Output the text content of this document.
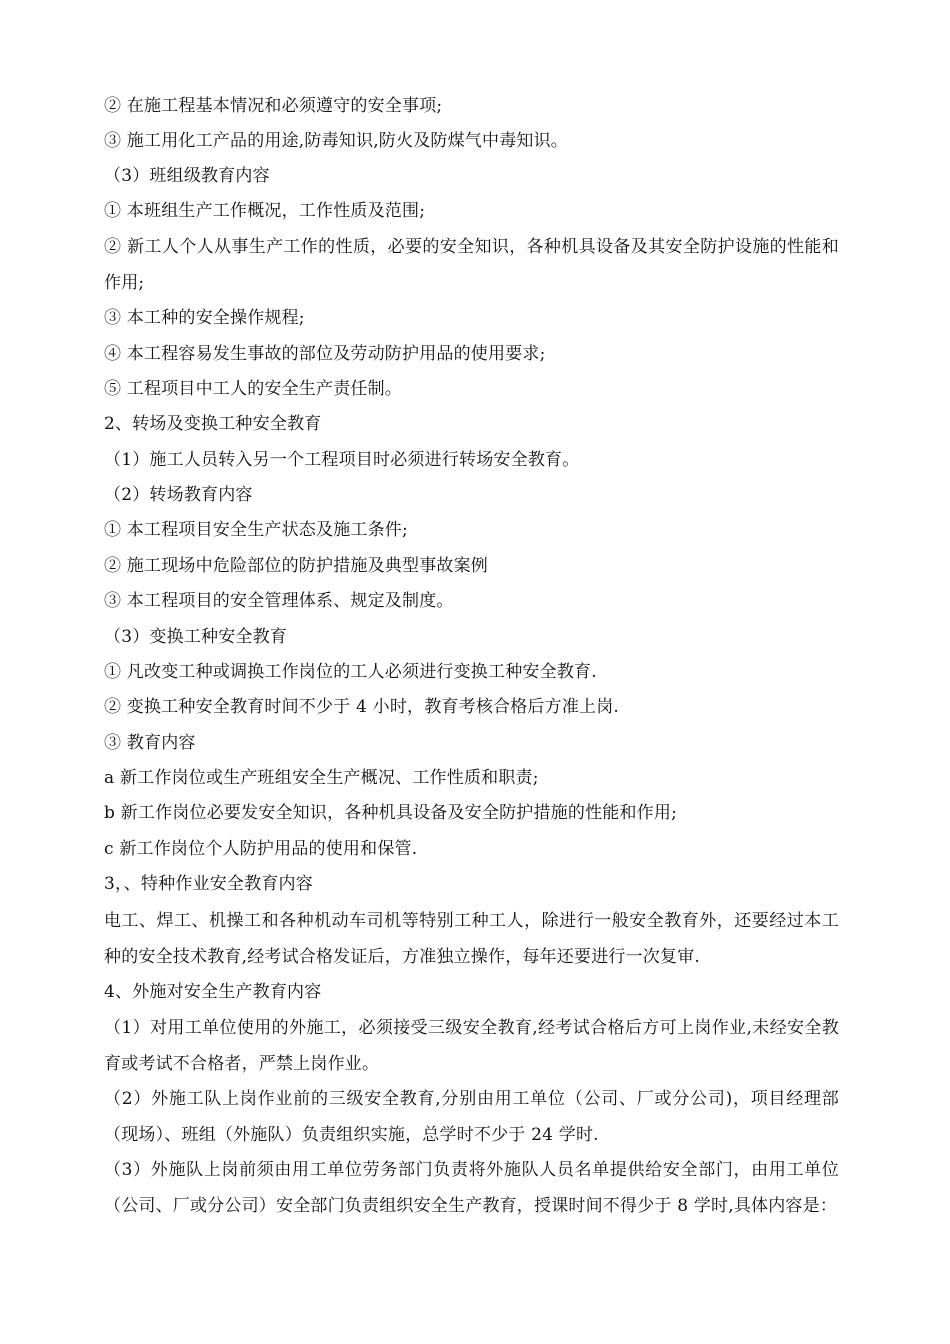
② 在施工程基本情况和必须遵守的安全事项;
③ 施工用化工产品的用途,防毒知识,防火及防煤气中毒知识。
（3）班组级教育内容
① 本班组生产工作概况，工作性质及范围;
② 新工人个人从事生产工作的性质，必要的安全知识，各种机具设备及其安全防护设施的性能和作用;
③ 本工种的安全操作规程;
④ 本工程容易发生事故的部位及劳动防护用品的使用要求;
⑤ 工程项目中工人的安全生产责任制。
2、转场及变换工种安全教育
（1）施工人员转入另一个工程项目时必须进行转场安全教育。
（2）转场教育内容
① 本工程项目安全生产状态及施工条件;
② 施工现场中危险部位的防护措施及典型事故案例
③ 本工程项目的安全管理体系、规定及制度。
（3）变换工种安全教育
① 凡改变工种或调换工作岗位的工人必须进行变换工种安全教育.
② 变换工种安全教育时间不少于 4 小时，教育考核合格后方准上岗.
③ 教育内容
a 新工作岗位或生产班组安全生产概况、工作性质和职责;
b 新工作岗位必要发安全知识，各种机具设备及安全防护措施的性能和作用;
c 新工作岗位个人防护用品的使用和保管.
3，、特种作业安全教育内容
电工、焊工、机操工和各种机动车司机等特别工种工人，除进行一般安全教育外，还要经过本工种的安全技术教育,经考试合格发证后，方准独立操作，每年还要进行一次复审.
4、外施对安全生产教育内容
（1）对用工单位使用的外施工，必须接受三级安全教育,经考试合格后方可上岗作业,未经安全教育或考试不合格者，严禁上岗作业。
（2）外施工队上岗作业前的三级安全教育,分别由用工单位（公司、厂或分公司)，项目经理部（现场）、班组（外施队）负责组织实施，总学时不少于 24 学时.
（3）外施队上岗前须由用工单位劳务部门负责将外施队人员名单提供给安全部门，由用工单位（公司、厂或分公司）安全部门负责组织安全生产教育，授课时间不得少于 8 学时,具体内容是：
